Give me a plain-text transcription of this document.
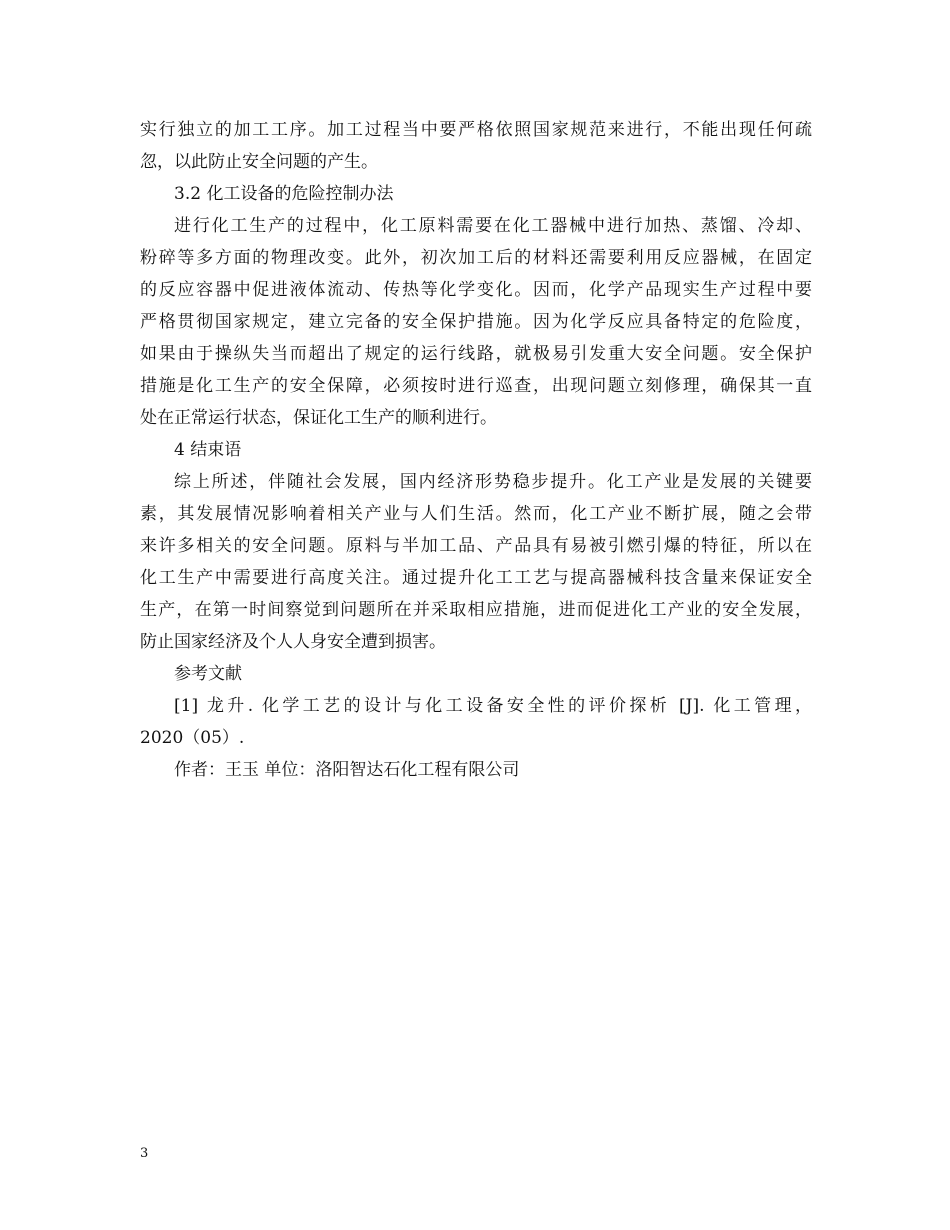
实行独立的加工工序。加工过程当中要严格依照国家规范来进行，不能出现任何疏
忽，以此防止安全问题的产生。
3.2 化工设备的危险控制办法
进行化工生产的过程中，化工原料需要在化工器械中进行加热、蒸馏、冷却、
粉碎等多方面的物理改变。此外，初次加工后的材料还需要利用反应器械，在固定
的反应容器中促进液体流动、传热等化学变化。因而，化学产品现实生产过程中要
严格贯彻国家规定，建立完备的安全保护措施。因为化学反应具备特定的危险度，
如果由于操纵失当而超出了规定的运行线路，就极易引发重大安全问题。安全保护
措施是化工生产的安全保障，必须按时进行巡查，出现问题立刻修理，确保其一直
处在正常运行状态，保证化工生产的顺利进行。
4 结束语
综上所述，伴随社会发展，国内经济形势稳步提升。化工产业是发展的关键要
素，其发展情况影响着相关产业与人们生活。然而，化工产业不断扩展，随之会带
来许多相关的安全问题。原料与半加工品、产品具有易被引燃引爆的特征，所以在
化工生产中需要进行高度关注。通过提升化工工艺与提高器械科技含量来保证安全
生产，在第一时间察觉到问题所在并采取相应措施，进而促进化工产业的安全发展，
防止国家经济及个人人身安全遭到损害。
参考文献
[1] 龙升. 化学工艺的设计与化工设备安全性的评价探析 [J]. 化工管理，
2020（05）.
作者：王玉 单位：洛阳智达石化工程有限公司
3
